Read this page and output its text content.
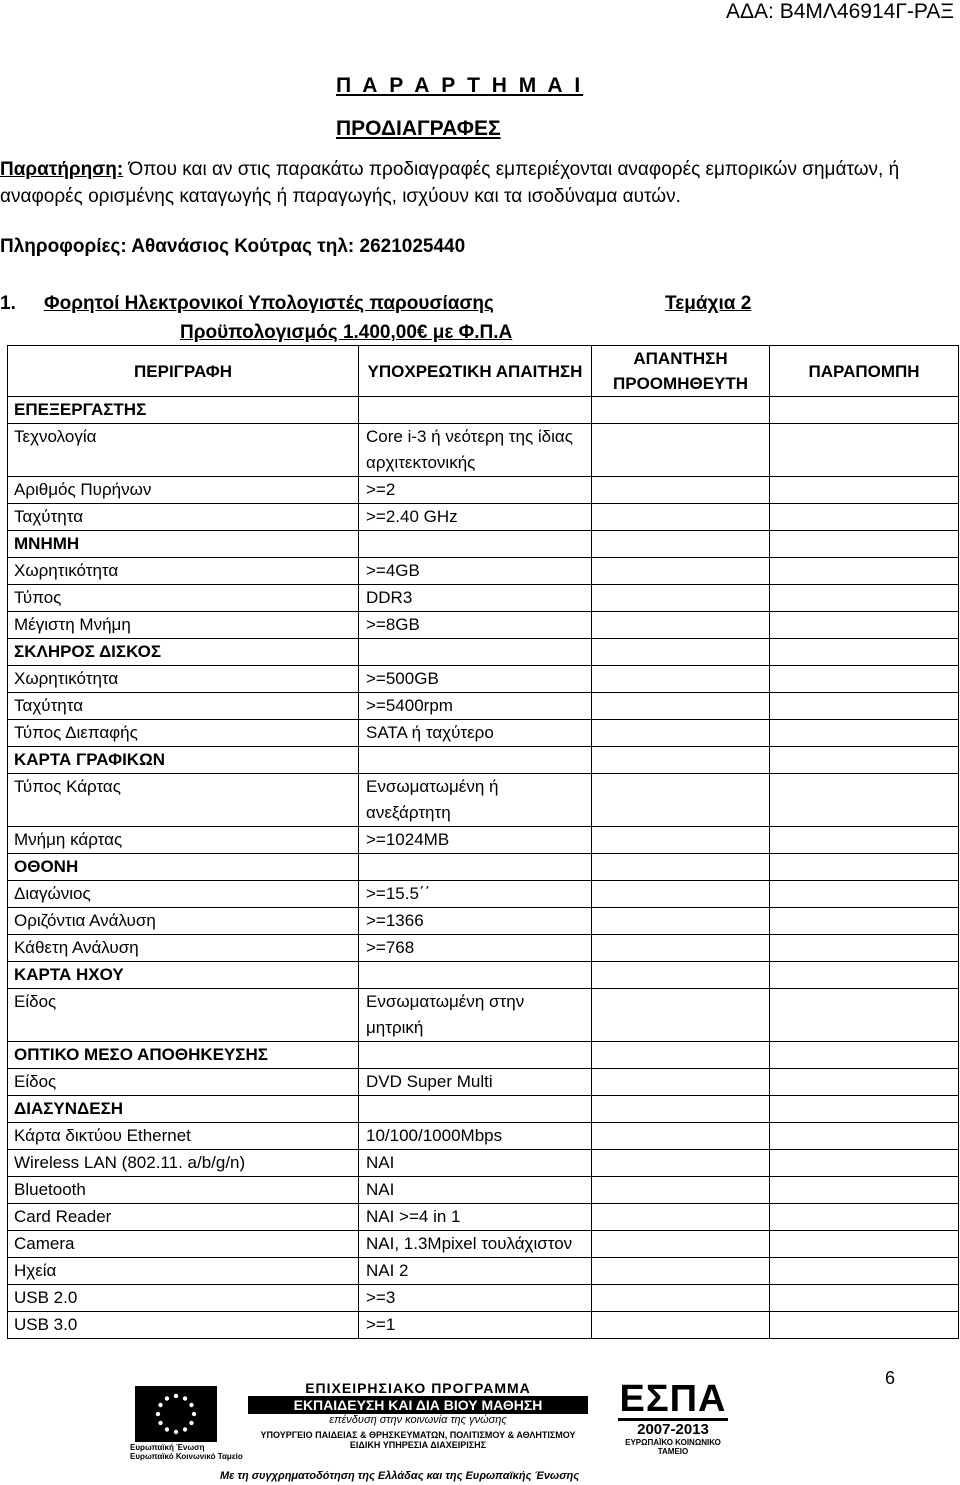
ΑΔΑ: Β4ΜΛ46914Γ-ΡΑΞ
Π Α Ρ Α Ρ Τ Η Μ Α Ι
ΠΡΟΔΙΑΓΡΑΦΕΣ
Παρατήρηση: Όπου και αν στις παρακάτω προδιαγραφές εμπεριέχονται αναφορές εμπορικών σημάτων, ή αναφορές ορισμένης καταγωγής ή παραγωγής, ισχύουν και τα ισοδύναμα αυτών.
Πληροφορίες: Αθανάσιος Κούτρας τηλ: 2621025440
1. Φορητοί Ηλεκτρονικοί Υπολογιστές παρουσίασης	Τεμάχια 2
Προϋπολογισμός 1.400,00€ με Φ.Π.Α
ΠΕΡΙΓΡΑΦΗ	ΥΠΟΧΡΕΩΤΙΚΗ ΑΠΑΙΤΗΣΗ	ΑΠΑΝΤΗΣΗ ΠΡΟΟΜΗΘΕΥΤΗ	ΠΑΡΑΠΟΜΠΗ
ΕΠΕΞΕΡΓΑΣΤΗΣ			
Τεχνολογία	Core i-3 ή νεότερη της ίδιας αρχιτεκτονικής		
Αριθμός Πυρήνων	>=2		
Ταχύτητα	>=2.40 GHz		
ΜΝΗΜΗ			
Χωρητικότητα	>=4GB		
Τύπος	DDR3		
Μέγιστη Μνήμη	>=8GB		
ΣΚΛΗΡΟΣ ΔΙΣΚΟΣ			
Χωρητικότητα	>=500GB		
Ταχύτητα	>=5400rpm		
Τύπος Διεπαφής	SATA ή ταχύτερο		
ΚΑΡΤΑ ΓΡΑΦΙΚΩΝ			
Τύπος Κάρτας	Ενσωματωμένη ή ανεξάρτητη		
Μνήμη κάρτας	>=1024MB		
ΟΘΟΝΗ			
Διαγώνιος	>=15.5΄΄		
Οριζόντια Ανάλυση	>=1366		
Κάθετη Ανάλυση	>=768		
ΚΑΡΤΑ ΗΧΟΥ			
Είδος	Ενσωματωμένη στην μητρική		
ΟΠΤΙΚΟ ΜΕΣΟ ΑΠΟΘΗΚΕΥΣΗΣ			
Είδος	DVD Super Multi		
ΔΙΑΣΥΝΔΕΣΗ			
Κάρτα δικτύου Ethernet	10/100/1000Mbps		
Wireless LAN (802.11. a/b/g/n)	ΝΑΙ		
Bluetooth	ΝΑΙ		
Card Reader	ΝΑΙ >=4 in 1		
Camera	ΝΑΙ, 1.3Mpixel τουλάχιστον		
Ηχεία	ΝΑΙ 2		
USB 2.0	>=3		
USB 3.0	>=1		
6
Ευρωπαϊκή Ένωση
Ευρωπαϊκό Κοινωνικό Ταμείο
ΕΠΙΧΕΙΡΗΣΙΑΚΟ ΠΡΟΓΡΑΜΜΑ
ΕΚΠΑΙΔΕΥΣΗ ΚΑΙ ΔΙΑ ΒΙΟΥ ΜΑΘΗΣΗ
επένδυση στην κοινωνία της γνώσης
ΥΠΟΥΡΓΕΙΟ ΠΑΙΔΕΙΑΣ & ΘΡΗΣΚΕΥΜΑΤΩΝ, ΠΟΛΙΤΙΣΜΟΥ & ΑΘΛΗΤΙΣΜΟΥ
ΕΙΔΙΚΗ ΥΠΗΡΕΣΙΑ ΔΙΑΧΕΙΡΙΣΗΣ
ΕΣΠΑ
2007-2013
ΕΥΡΩΠΑΪΚΟ ΚΟΙΝΩΝΙΚΟ ΤΑΜΕΙΟ
Με τη συγχρηματοδότηση της Ελλάδας και της Ευρωπαϊκής Ένωσης
